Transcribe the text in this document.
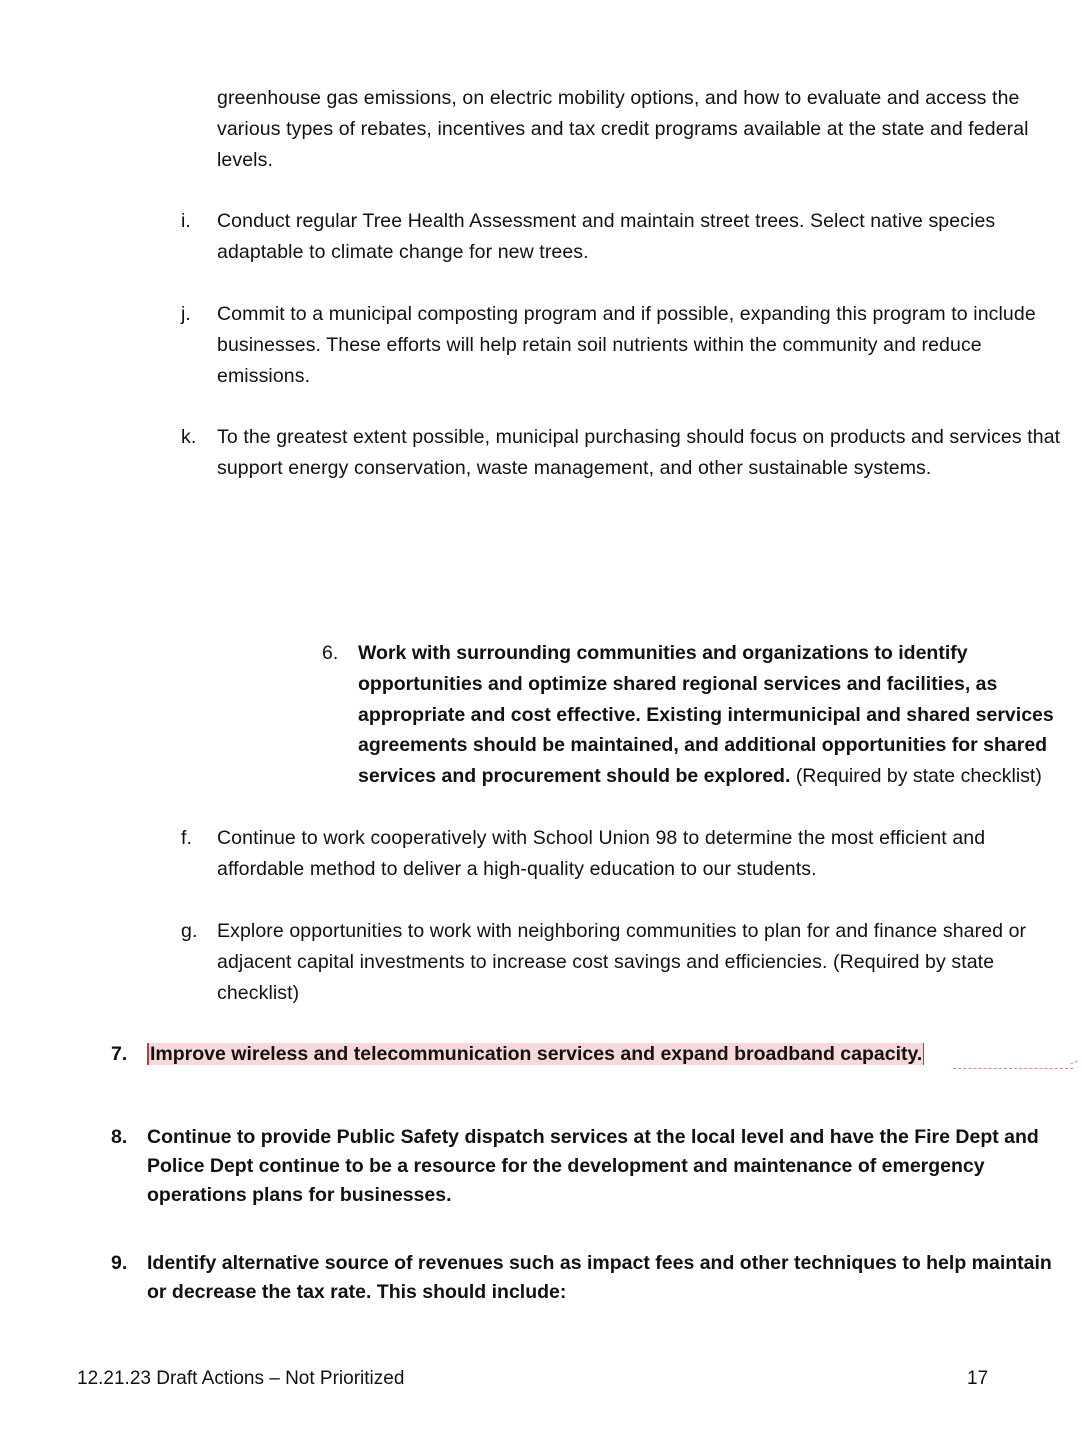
greenhouse gas emissions, on electric mobility options, and how to evaluate and access the various types of rebates, incentives and tax credit programs available at the state and federal levels.
i. Conduct regular Tree Health Assessment and maintain street trees. Select native species adaptable to climate change for new trees.
j. Commit to a municipal composting program and if possible, expanding this program to include businesses. These efforts will help retain soil nutrients within the community and reduce emissions.
k. To the greatest extent possible, municipal purchasing should focus on products and services that support energy conservation, waste management, and other sustainable systems.
6. Work with surrounding communities and organizations to identify opportunities and optimize shared regional services and facilities, as appropriate and cost effective. Existing intermunicipal and shared services agreements should be maintained, and additional opportunities for shared services and procurement should be explored. (Required by state checklist)
f. Continue to work cooperatively with School Union 98 to determine the most efficient and affordable method to deliver a high-quality education to our students.
g. Explore opportunities to work with neighboring communities to plan for and finance shared or adjacent capital investments to increase cost savings and efficiencies. (Required by state checklist)
7. Improve wireless and telecommunication services and expand broadband capacity.
8. Continue to provide Public Safety dispatch services at the local level and have the Fire Dept and Police Dept continue to be a resource for the development and maintenance of emergency operations plans for businesses.
9. Identify alternative source of revenues such as impact fees and other techniques to help maintain or decrease the tax rate. This should include:
12.21.23 Draft Actions – Not Prioritized	17
